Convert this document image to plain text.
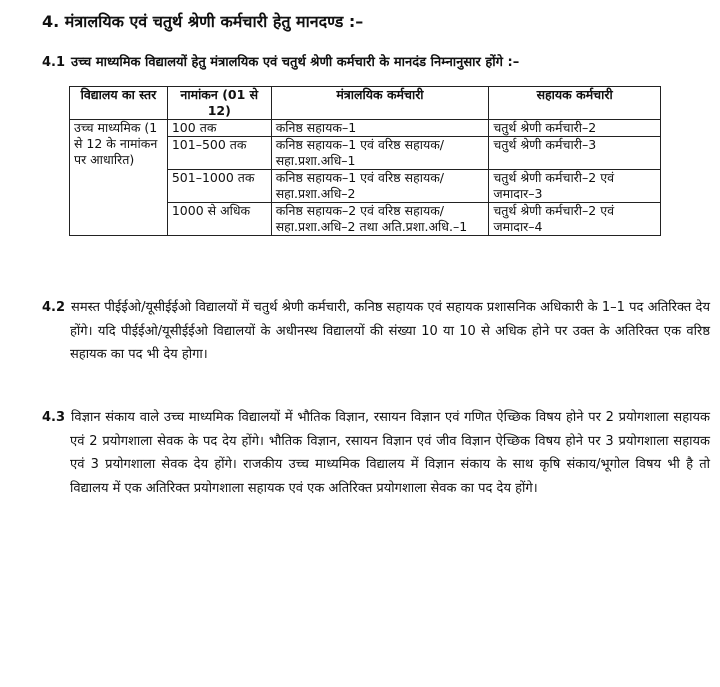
4. मंत्रालयिक एवं चतुर्थ श्रेणी कर्मचारी हेतु मानदण्ड :–
4.1 उच्च माध्यमिक विद्यालयों हेतु मंत्रालयिक एवं चतुर्थ श्रेणी कर्मचारी के मानदंड निम्नानुसार होंगे :–
विद्यालय का स्तर	नामांकन (01 से 12)	मंत्रालयिक कर्मचारी	सहायक कर्मचारी
उच्च माध्यमिक (1 से 12 के नामांकन पर आधारित)	100 तक	कनिष्ठ सहायक–1	चतुर्थ श्रेणी कर्मचारी–2
	101–500 तक	कनिष्ठ सहायक–1 एवं वरिष्ठ सहायक/सहा.प्रशा.अधि–1	चतुर्थ श्रेणी कर्मचारी–3
	501–1000 तक	कनिष्ठ सहायक–1 एवं वरिष्ठ सहायक/सहा.प्रशा.अधि–2	चतुर्थ श्रेणी कर्मचारी–2 एवं जमादार–3
	1000 से अधिक	कनिष्ठ सहायक–2 एवं वरिष्ठ सहायक/सहा.प्रशा.अधि–2 तथा अति.प्रशा.अधि.–1	चतुर्थ श्रेणी कर्मचारी–2 एवं जमादार–4
4.2 समस्त पीईईओ/यूसीईईओ विद्यालयों में चतुर्थ श्रेणी कर्मचारी, कनिष्ठ सहायक एवं सहायक प्रशासनिक अधिकारी के 1–1 पद अतिरिक्त देय होंगे। यदि पीईईओ/यूसीईईओ विद्यालयों के अधीनस्थ विद्यालयों की संख्या 10 या 10 से अधिक होने पर उक्त के अतिरिक्त एक वरिष्ठ सहायक का पद भी देय होगा।
4.3 विज्ञान संकाय वाले उच्च माध्यमिक विद्यालयों में भौतिक विज्ञान, रसायन विज्ञान एवं गणित ऐच्छिक विषय होने पर 2 प्रयोगशाला सहायक एवं 2 प्रयोगशाला सेवक के पद देय होंगे। भौतिक विज्ञान, रसायन विज्ञान एवं जीव विज्ञान ऐच्छिक विषय होने पर 3 प्रयोगशाला सहायक एवं 3 प्रयोगशाला सेवक देय होंगे। राजकीय उच्च माध्यमिक विद्यालय में विज्ञान संकाय के साथ कृषि संकाय/भूगोल विषय भी है तो विद्यालय में एक अतिरिक्त प्रयोगशाला सहायक एवं एक अतिरिक्त प्रयोगशाला सेवक का पद देय होंगे।
